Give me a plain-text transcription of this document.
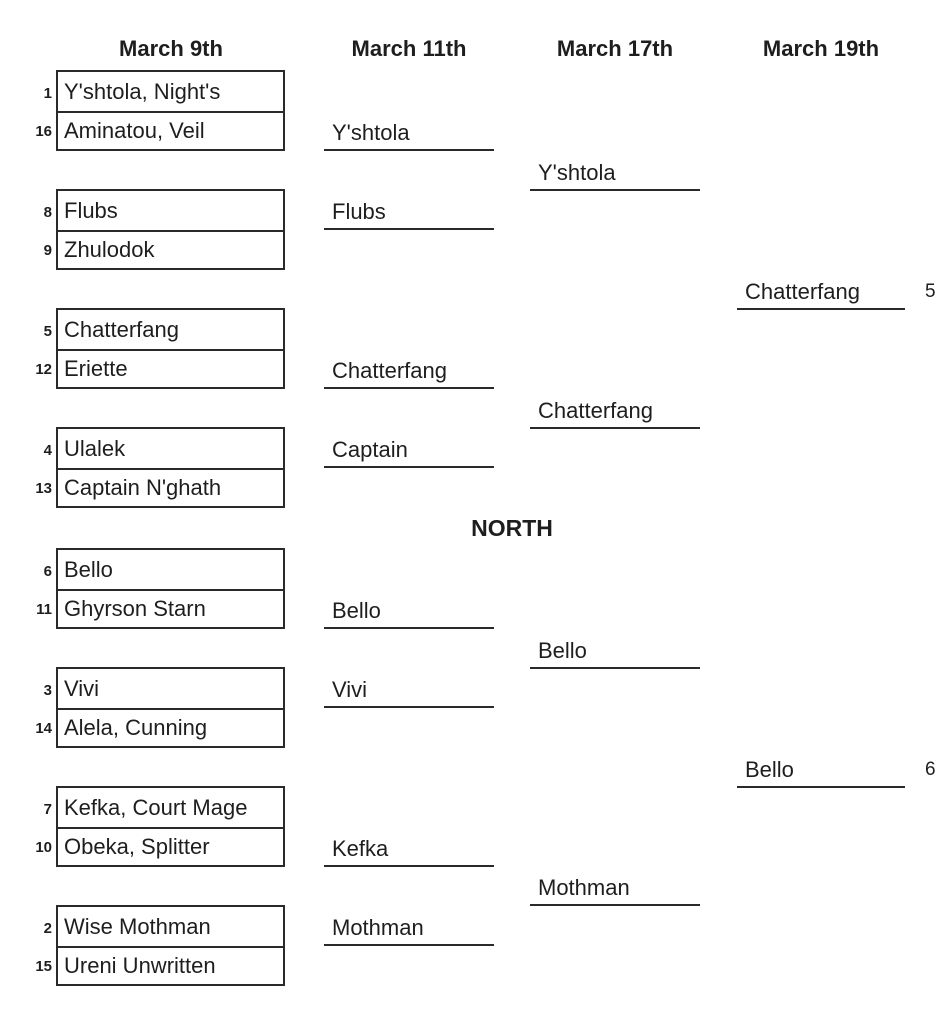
March 9th	March 11th	March 17th	March 19th
1 Y'shtola, Night's
16 Aminatou, Veil
8 Flubs
9 Zhulodok
5 Chatterfang
12 Eriette
4 Ulalek
13 Captain N'ghath
NORTH
6 Bello
11 Ghyrson Starn
3 Vivi
14 Alela, Cunning
7 Kefka, Court Mage
10 Obeka, Splitter
2 Wise Mothman
15 Ureni Unwritten
Y'shtola
Flubs
Chatterfang
Captain
Bello
Vivi
Kefka
Mothman
Y'shtola
Chatterfang
Bello
Mothman
Chatterfang	5
Bello	6
